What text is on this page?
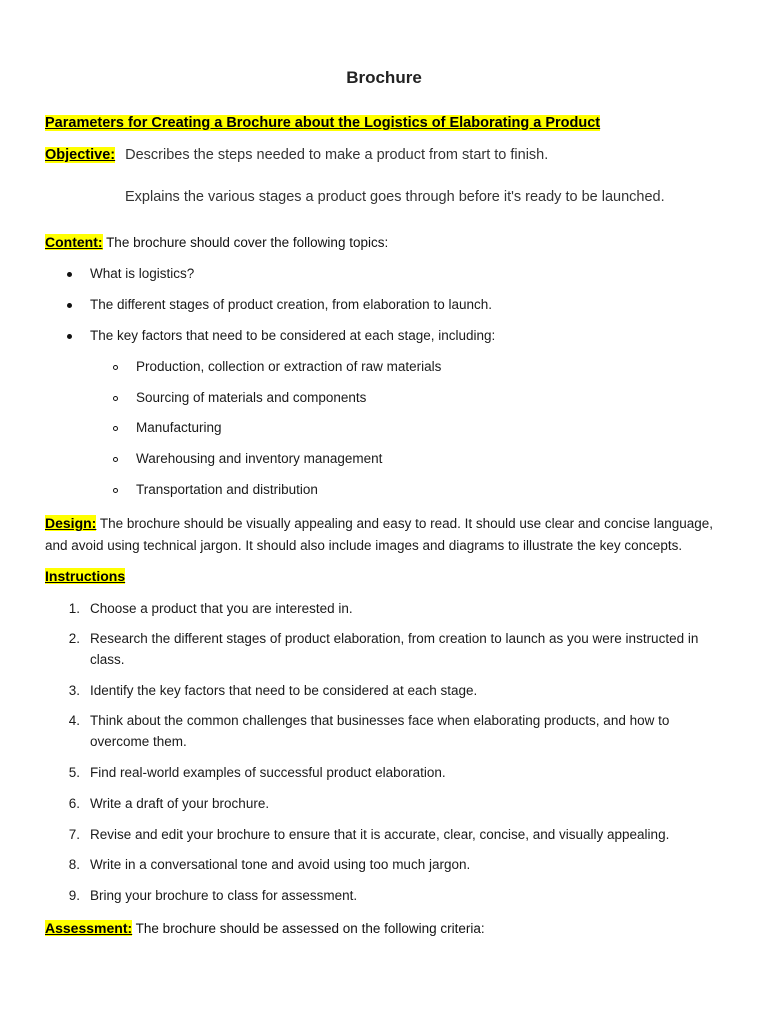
Brochure
Parameters for Creating a Brochure about the Logistics of Elaborating a Product
Objective: Describes the steps needed to make a product from start to finish.
Explains the various stages a product goes through before it's ready to be launched.
Content: The brochure should cover the following topics:
What is logistics?
The different stages of product creation, from elaboration to launch.
The key factors that need to be considered at each stage, including:
Production, collection or extraction of raw materials
Sourcing of materials and components
Manufacturing
Warehousing and inventory management
Transportation and distribution
Design: The brochure should be visually appealing and easy to read. It should use clear and concise language, and avoid using technical jargon. It should also include images and diagrams to illustrate the key concepts.
Instructions
1. Choose a product that you are interested in.
2. Research the different stages of product elaboration, from creation to launch as you were instructed in
class.
3. Identify the key factors that need to be considered at each stage.
4. Think about the common challenges that businesses face when elaborating products, and how to
overcome them.
5. Find real-world examples of successful product elaboration.
6. Write a draft of your brochure.
7. Revise and edit your brochure to ensure that it is accurate, clear, concise, and visually appealing.
8. Write in a conversational tone and avoid using too much jargon.
9. Bring your brochure to class for assessment.
Assessment: The brochure should be assessed on the following criteria:
